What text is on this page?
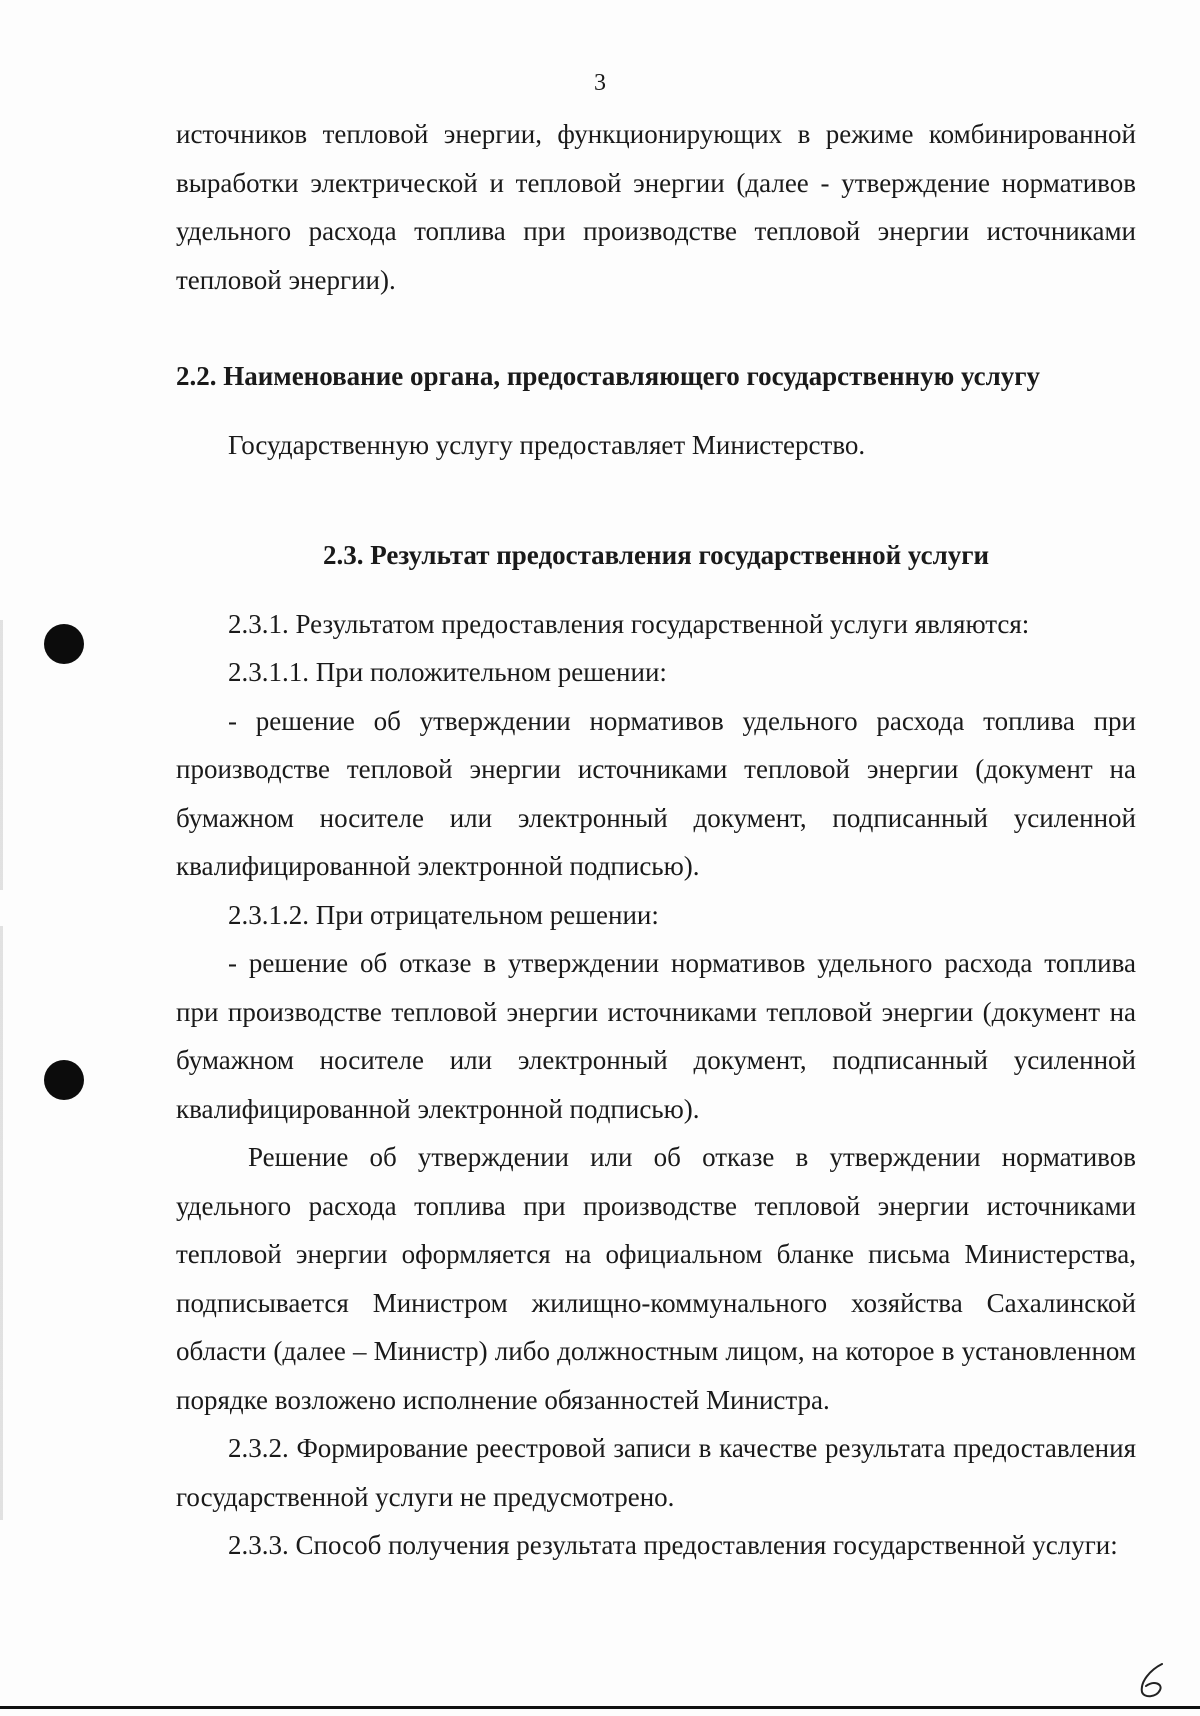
3

источников тепловой энергии, функционирующих в режиме комбинированной выработки электрической и тепловой энергии (далее - утверждение нормативов удельного расхода топлива при производстве тепловой энергии источниками тепловой энергии).

2.2. Наименование органа, предоставляющего государственную услугу

Государственную услугу предоставляет Министерство.

2.3. Результат предоставления государственной услуги

2.3.1. Результатом предоставления государственной услуги являются:

2.3.1.1. При положительном решении:

- решение об утверждении нормативов удельного расхода топлива при производстве тепловой энергии источниками тепловой энергии (документ на бумажном носителе или электронный документ, подписанный усиленной квалифицированной электронной подписью).

2.3.1.2. При отрицательном решении:

- решение об отказе в утверждении нормативов удельного расхода топлива при производстве тепловой энергии источниками тепловой энергии (документ на бумажном носителе или электронный документ, подписанный усиленной квалифицированной электронной подписью).

Решение об утверждении или об отказе в утверждении нормативов удельного расхода топлива при производстве тепловой энергии источниками тепловой энергии оформляется на официальном бланке письма Министерства, подписывается Министром жилищно-коммунального хозяйства Сахалинской области (далее – Министр) либо должностным лицом, на которое в установленном порядке возложено исполнение обязанностей Министра.

2.3.2. Формирование реестровой записи в качестве результата предоставления государственной услуги не предусмотрено.

2.3.3. Способ получения результата предоставления государственной услуги:
